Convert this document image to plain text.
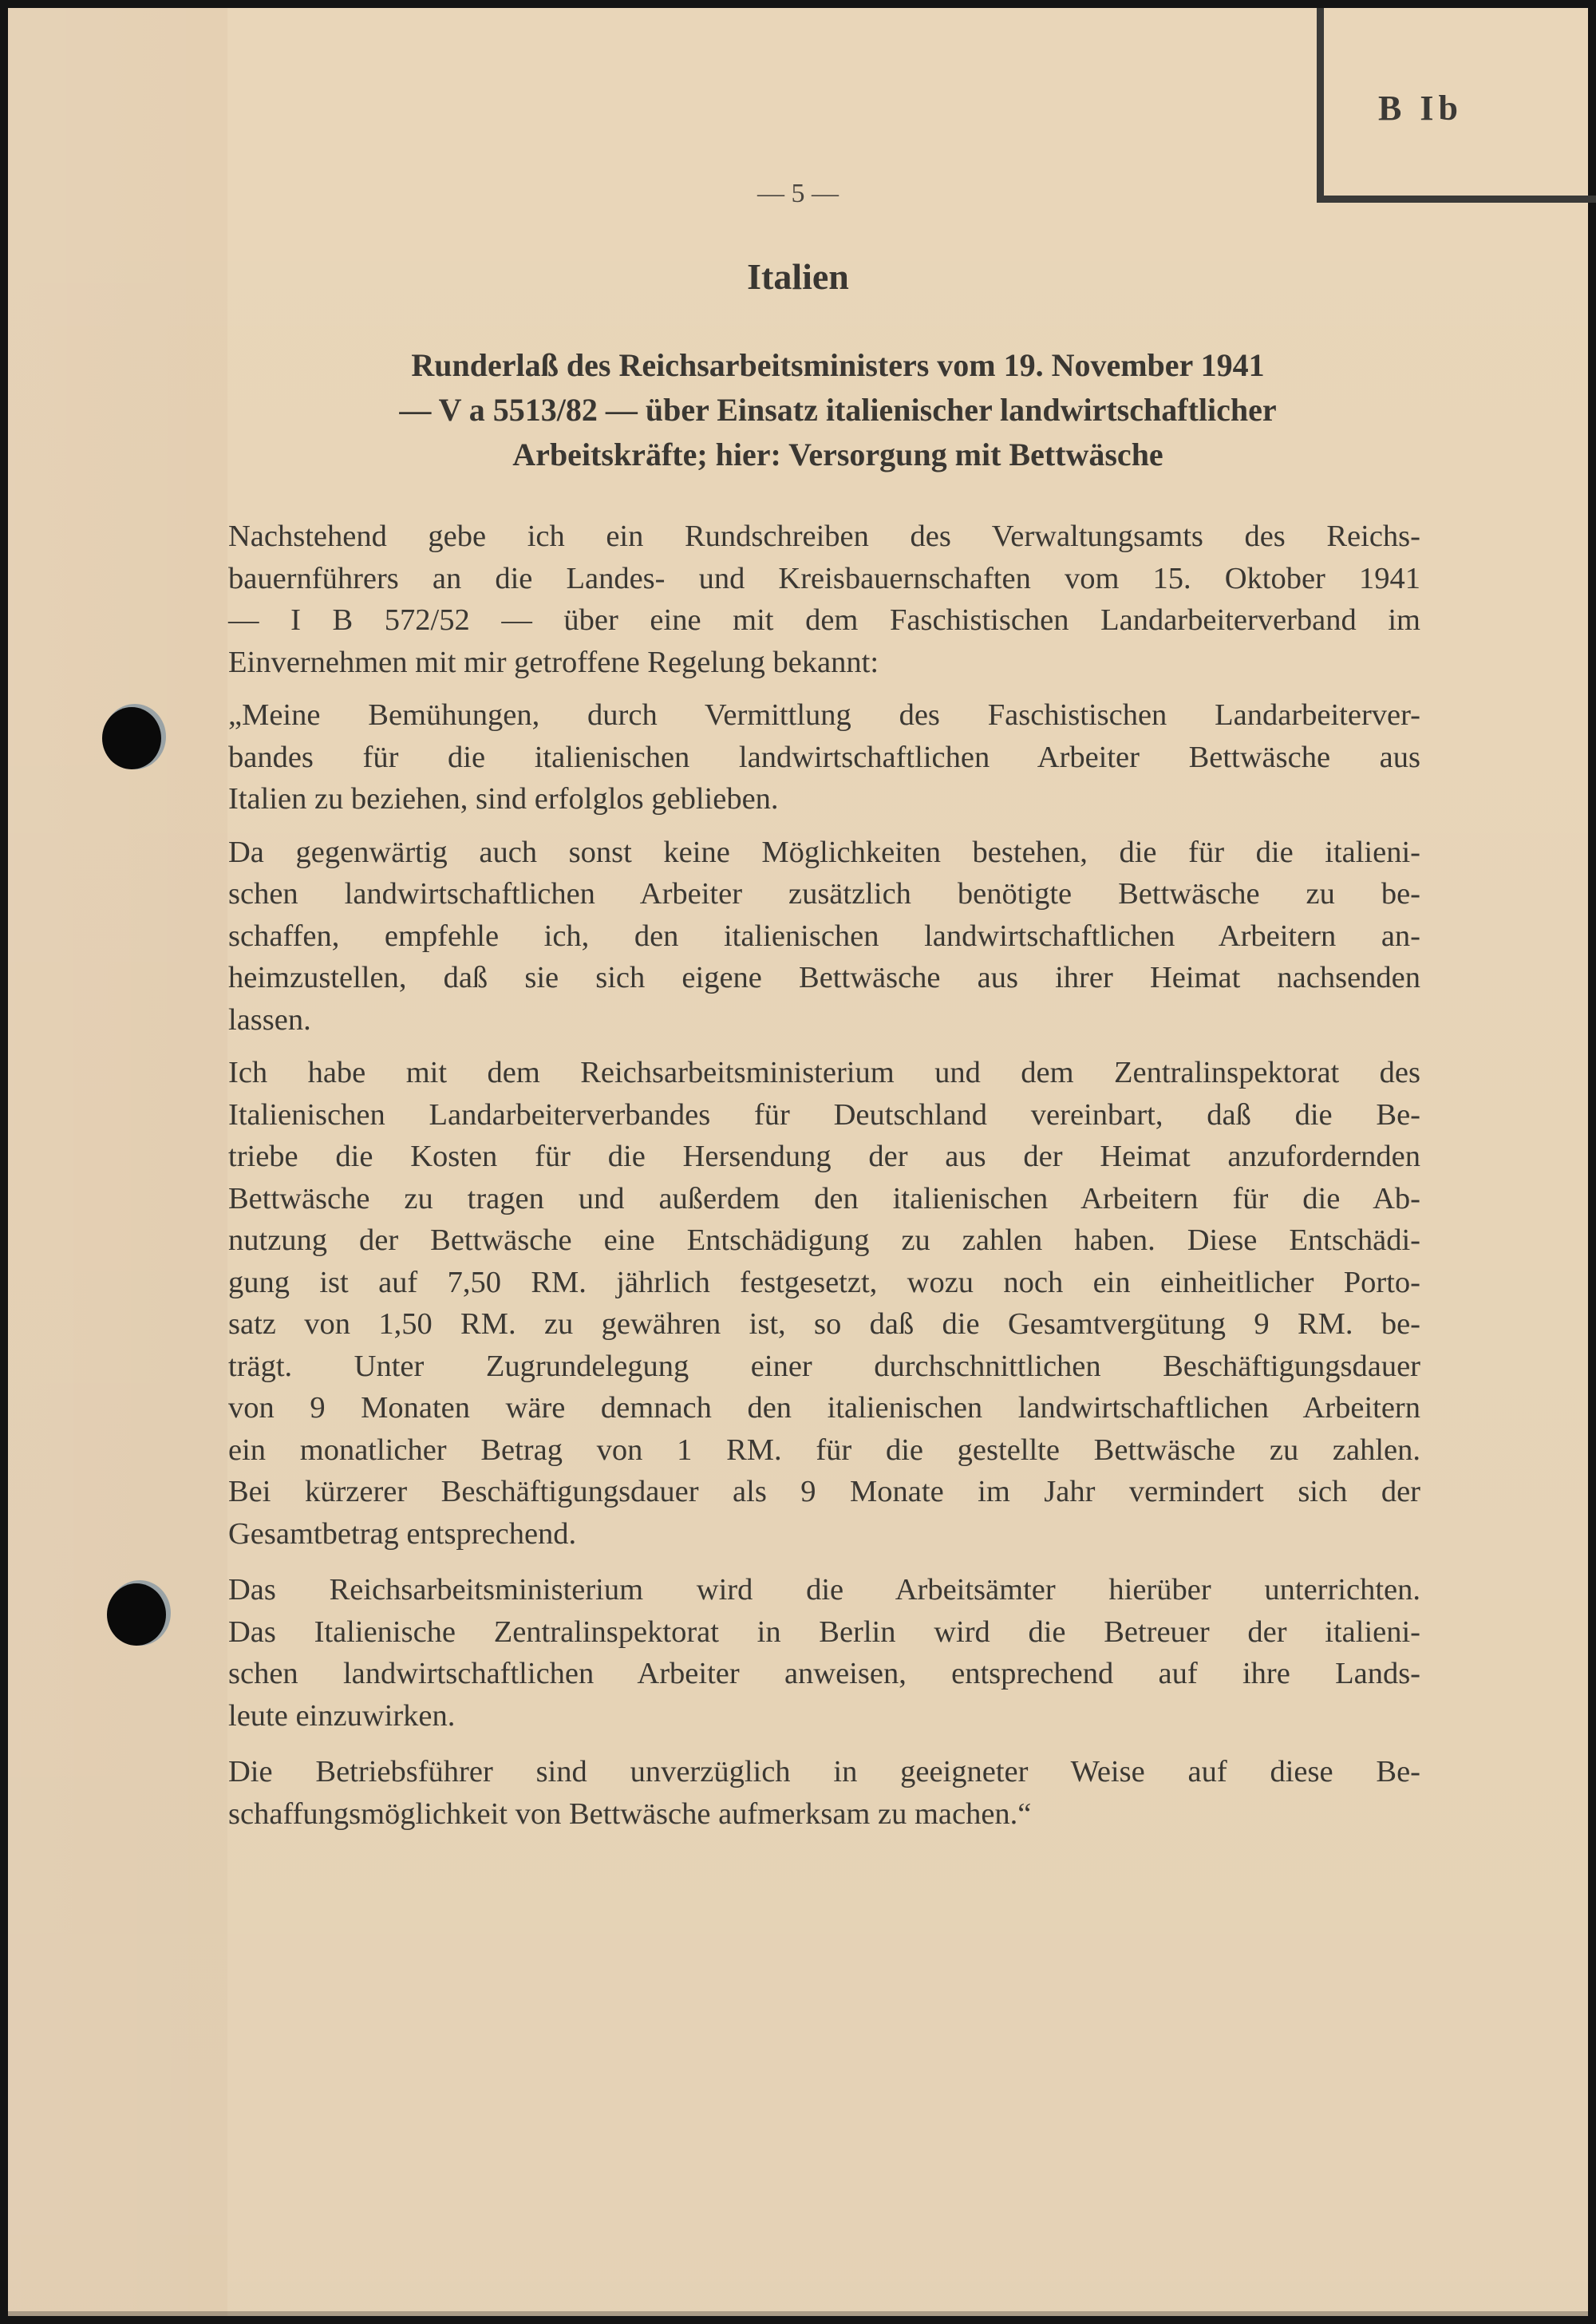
B Ib
— 5 —
Italien
Runderlaß des Reichsarbeitsministers vom 19. November 1941
— V a 5513/82 — über Einsatz italienischer landwirtschaftlicher
Arbeitskräfte; hier: Versorgung mit Bettwäsche
Nachstehend gebe ich ein Rundschreiben des Verwaltungsamts des Reichs-
bauernführers an die Landes- und Kreisbauernschaften vom 15. Oktober 1941
— I B 572/52 — über eine mit dem Faschistischen Landarbeiterverband im
Einvernehmen mit mir getroffene Regelung bekannt:
„Meine Bemühungen, durch Vermittlung des Faschistischen Landarbeiterver-
bandes für die italienischen landwirtschaftlichen Arbeiter Bettwäsche aus
Italien zu beziehen, sind erfolglos geblieben.
Da gegenwärtig auch sonst keine Möglichkeiten bestehen, die für die italieni-
schen landwirtschaftlichen Arbeiter zusätzlich benötigte Bettwäsche zu be-
schaffen, empfehle ich, den italienischen landwirtschaftlichen Arbeitern an-
heimzustellen, daß sie sich eigene Bettwäsche aus ihrer Heimat nachsenden
lassen.
Ich habe mit dem Reichsarbeitsministerium und dem Zentralinspektorat des
Italienischen Landarbeiterverbandes für Deutschland vereinbart, daß die Be-
triebe die Kosten für die Hersendung der aus der Heimat anzufordernden
Bettwäsche zu tragen und außerdem den italienischen Arbeitern für die Ab-
nutzung der Bettwäsche eine Entschädigung zu zahlen haben. Diese Entschädi-
gung ist auf 7,50 RM. jährlich festgesetzt, wozu noch ein einheitlicher Porto-
satz von 1,50 RM. zu gewähren ist, so daß die Gesamtvergütung 9 RM. be-
trägt. Unter Zugrundelegung einer durchschnittlichen Beschäftigungsdauer
von 9 Monaten wäre demnach den italienischen landwirtschaftlichen Arbeitern
ein monatlicher Betrag von 1 RM. für die gestellte Bettwäsche zu zahlen.
Bei kürzerer Beschäftigungsdauer als 9 Monate im Jahr vermindert sich der
Gesamtbetrag entsprechend.
Das Reichsarbeitsministerium wird die Arbeitsämter hierüber unterrichten.
Das Italienische Zentralinspektorat in Berlin wird die Betreuer der italieni-
schen landwirtschaftlichen Arbeiter anweisen, entsprechend auf ihre Lands-
leute einzuwirken.
Die Betriebsführer sind unverzüglich in geeigneter Weise auf diese Be-
schaffungsmöglichkeit von Bettwäsche aufmerksam zu machen.“
